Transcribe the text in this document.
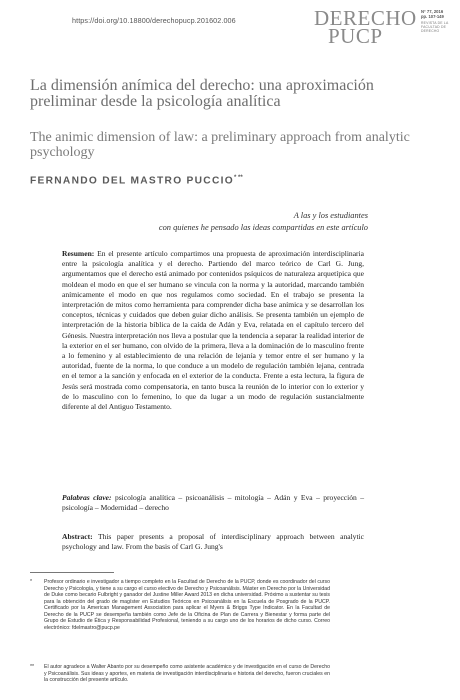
https://doi.org/10.18800/derechopucp.201602.006	DERECHO
PUCP
N° 77, 2016
pp. 107-149
REVISTA DE LA FACULTAD DE DERECHO
La dimensión anímica del derecho: una aproximación preliminar desde la psicología analítica
The animic dimension of law: a preliminary approach from analytic psychology
FERNANDO DEL MASTRO PUCCIO* **
A las y los estudiantes
con quienes he pensado las ideas compartidas en este artículo

Resumen: En el presente artículo compartimos una propuesta de aproximación interdisciplinaria entre la psicología analítica y el derecho. Partiendo del marco teórico de Carl G. Jung, argumentamos que el derecho está animado por contenidos psíquicos de naturaleza arquetípica que moldean el modo en que el ser humano se vincula con la norma y la autoridad, marcando también anímicamente el modo en que nos regulamos como sociedad. En el trabajo se presenta la interpretación de mitos como herramienta para comprender dicha base anímica y se desarrollan los conceptos, técnicas y cuidados que deben guiar dicho análisis. Se presenta también un ejemplo de interpretación de la historia bíblica de la caída de Adán y Eva, relatada en el capítulo tercero del Génesis. Nuestra interpretación nos lleva a postular que la tendencia a separar la realidad interior de la exterior en el ser humano, con olvido de la primera, lleva a la dominación de lo masculino frente a lo femenino y al establecimiento de una relación de lejanía y temor entre el ser humano y la autoridad, fuente de la norma, lo que conduce a un modelo de regulación también lejana, centrada en el temor a la sanción y enfocada en el exterior de la conducta. Frente a esta lectura, la figura de Jesús será mostrada como compensatoria, en tanto busca la reunión de lo interior con lo exterior y de lo masculino con lo femenino, lo que da lugar a un modo de regulación sustancialmente diferente al del Antiguo Testamento.

Palabras clave: psicología analítica – psicoanálisis – mitología – Adán y Eva – proyección – psicología – Modernidad – derecho

Abstract: This paper presents a proposal of interdisciplinary approach between analytic psychology and law. From the basis of Carl G. Jung's

* Profesor ordinario e investigador a tiempo completo en la Facultad de Derecho de la PUCP, donde es coordinador del curso Derecho y Psicología, y tiene a su cargo el curso electivo de Derecho y Psicoanálisis. Máster en Derecho por la Universidad de Duke como becario Fulbright y ganador del Justine Miller Award 2013 en dicha universidad. Próximo a sustentar su tesis para la obtención del grado de magíster en Estudios Teóricos en Psicoanálisis en la Escuela de Posgrado de la PUCP. Certificado por la American Management Association para aplicar el Myers & Briggs Type Indicator. En la Facultad de Derecho de la PUCP se desempeña también como Jefe de la Oficina de Plan de Carrera y Bienestar y forma parte del Grupo de Estudio de Ética y Responsabilidad Profesional, teniendo a su cargo uno de los horarios de dicho curso. Correo electrónico: fdelmastro@pucp.pe

** El autor agradece a Walter Abanto por su desempeño como asistente académico y de investigación en el curso de Derecho y Psicoanálisis. Sus ideas y aportes, en materia de investigación interdisciplinaria e historia del derecho, fueron cruciales en la construcción del presente artículo.
